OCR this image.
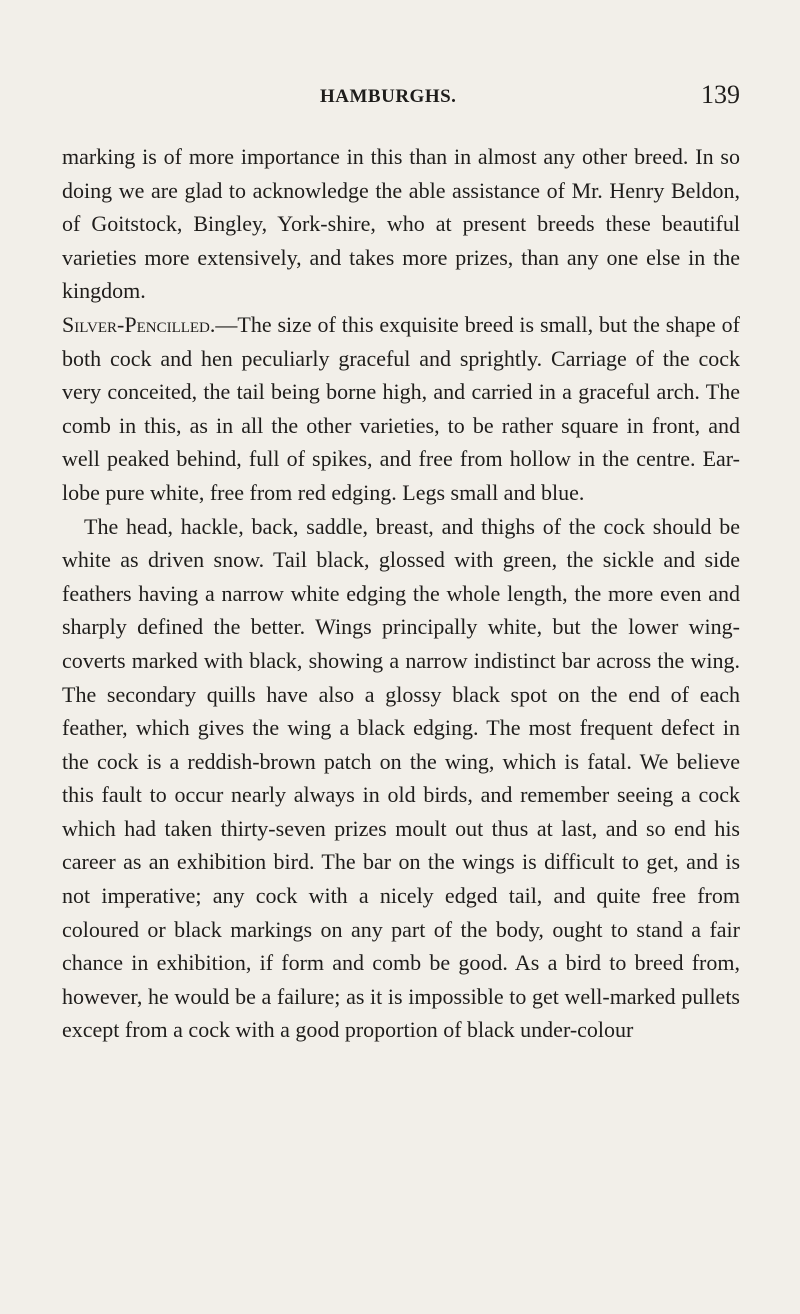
HAMBURGHS.	139

marking is of more importance in this than in almost any other breed. In so doing we are glad to acknowledge the able assistance of Mr. Henry Beldon, of Goitstock, Bingley, York-shire, who at present breeds these beautiful varieties more extensively, and takes more prizes, than any one else in the kingdom.

Silver-Pencilled.—The size of this exquisite breed is small, but the shape of both cock and hen peculiarly graceful and sprightly. Carriage of the cock very conceited, the tail being borne high, and carried in a graceful arch. The comb in this, as in all the other varieties, to be rather square in front, and well peaked behind, full of spikes, and free from hollow in the centre. Ear-lobe pure white, free from red edging. Legs small and blue.

The head, hackle, back, saddle, breast, and thighs of the cock should be white as driven snow. Tail black, glossed with green, the sickle and side feathers having a narrow white edging the whole length, the more even and sharply defined the better. Wings principally white, but the lower wing-coverts marked with black, showing a narrow indistinct bar across the wing. The secondary quills have also a glossy black spot on the end of each feather, which gives the wing a black edging. The most frequent defect in the cock is a reddish-brown patch on the wing, which is fatal. We believe this fault to occur nearly always in old birds, and remember seeing a cock which had taken thirty-seven prizes moult out thus at last, and so end his career as an exhibition bird. The bar on the wings is difficult to get, and is not imperative; any cock with a nicely edged tail, and quite free from coloured or black markings on any part of the body, ought to stand a fair chance in exhibition, if form and comb be good. As a bird to breed from, however, he would be a failure; as it is impossible to get well-marked pullets except from a cock with a good proportion of black under-colour
